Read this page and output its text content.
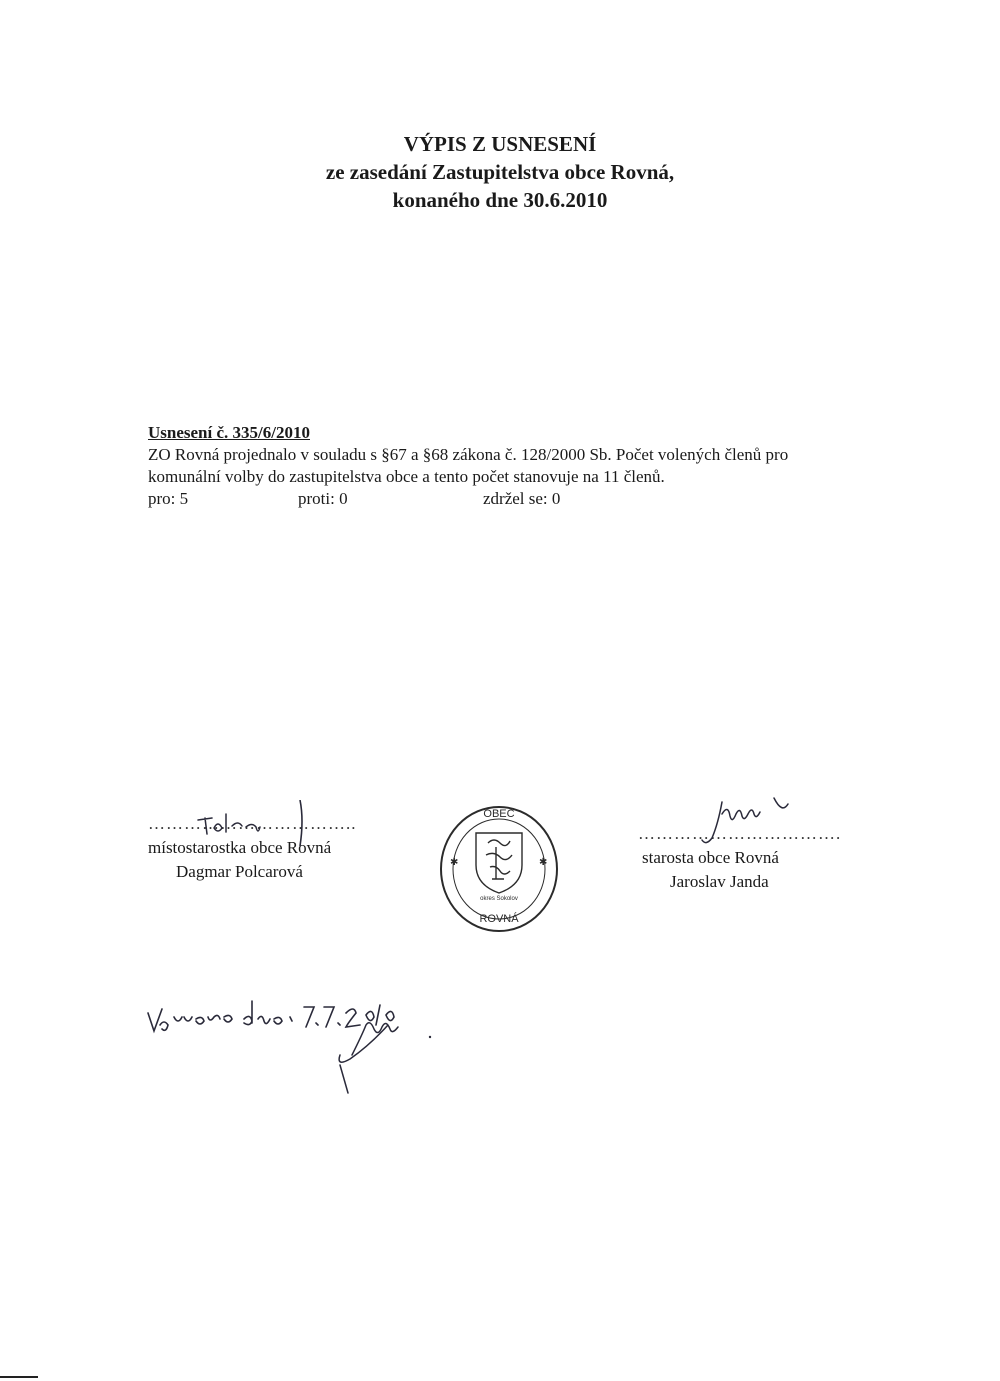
VÝPIS Z USNESENÍ
ze zasedání Zastupitelstva obce Rovná,
konaného dne 30.6.2010
Usnesení č. 335/6/2010
ZO Rovná projednalo v souladu s §67 a §68 zákona č. 128/2000 Sb. Počet volených členů pro
komunální volby do zastupitelstva obce a tento počet stanovuje na 11 členů.
pro: 5	proti: 0	zdržel se: 0
……………………………..
místostarostka obce Rovná
Dagmar Polcarová
OBEC
okres Sokolov
ROVNÁ
✱	✱
…………………………….
starosta obce Rovná
Jaroslav Janda
